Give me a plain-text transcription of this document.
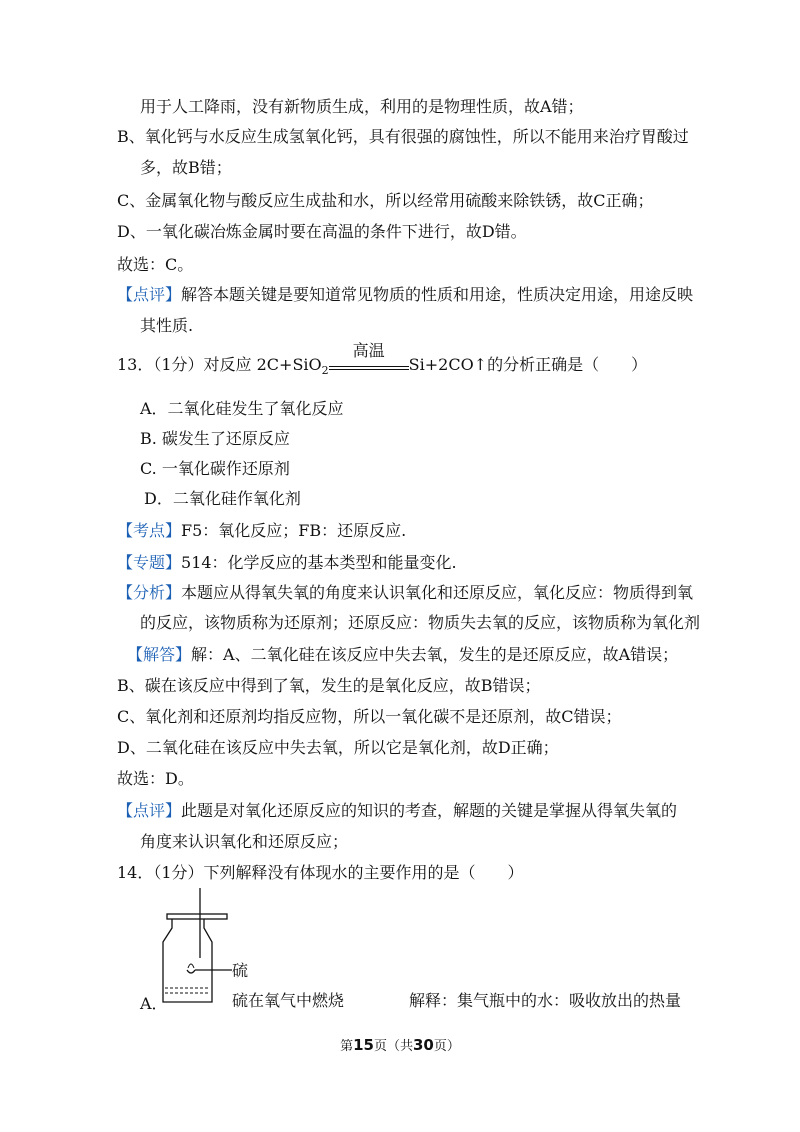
用于人工降雨，没有新物质生成，利用的是物理性质，故A错；
B、氧化钙与水反应生成氢氧化钙，具有很强的腐蚀性，所以不能用来治疗胃酸过
多，故B错；
C、金属氧化物与酸反应生成盐和水，所以经常用硫酸来除铁锈，故C正确；
D、一氧化碳冶炼金属时要在高温的条件下进行，故D错。
故选：C。
【点评】解答本题关键是要知道常见物质的性质和用途，性质决定用途，用途反映
其性质.
13．（1分）对反应 2C+SiO$_2$
高温
Si+2CO↑的分析正确是（　　）
A．二氧化硅发生了氧化反应
B. 碳发生了还原反应
C. 一氧化碳作还原剂
D．二氧化硅作氧化剂
【考点】F5：氧化反应；FB：还原反应.
【专题】514：化学反应的基本类型和能量变化.
【分析】本题应从得氧失氧的角度来认识氧化和还原反应，氧化反应：物质得到氧
的反应，该物质称为还原剂；还原反应：物质失去氧的反应，该物质称为氧化剂
【解答】解：A、二氧化硅在该反应中失去氧，发生的是还原反应，故A错误；
B、碳在该反应中得到了氧，发生的是氧化反应，故B错误；
C、氧化剂和还原剂均指反应物，所以一氧化碳不是还原剂，故C错误；
D、二氧化硅在该反应中失去氧，所以它是氧化剂，故D正确；
故选：D。
【点评】此题是对氧化还原反应的知识的考查，解题的关键是掌握从得氧失氧的
角度来认识氧化和还原反应；
14．（1分）下列解释没有体现水的主要作用的是（　　）
硫
A．	硫在氧气中燃烧	解释：集气瓶中的水：吸收放出的热量
第15页（共30页）
